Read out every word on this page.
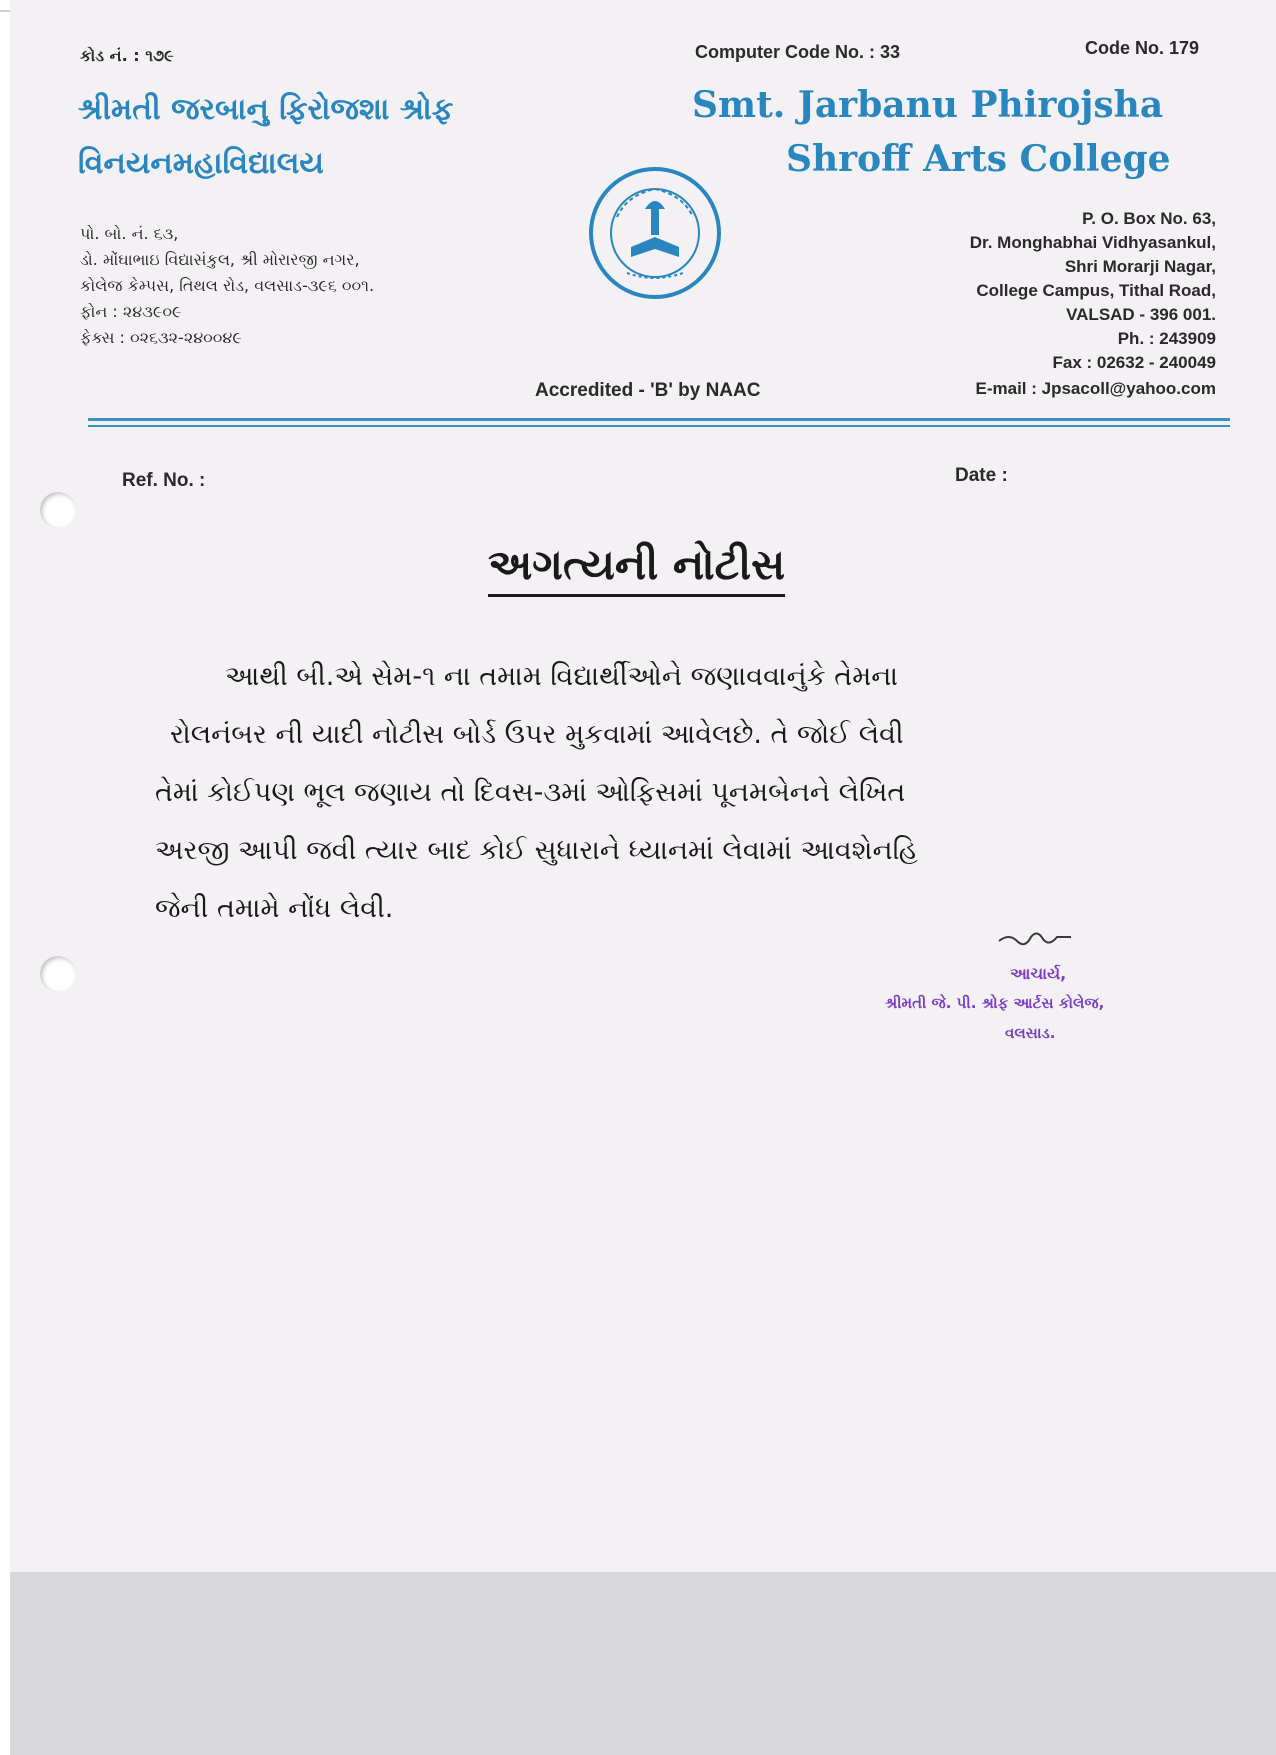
કોડ નં. : ૧૭૯	Computer Code No. : 33	Code No. 179
શ્રીમતી જરબાનુ ફિરોજશા શ્રોફ
વિનયનમહાવિદ્યાલય
Smt. Jarbanu Phirojsha
Shroff Arts College
પો. બો. નં. ૬૩,
ડો. મોંઘાભાઇ વિદ્યાસંકુલ, શ્રી મોરારજી નગર,
કોલેજ કેમ્પસ, તિથલ રોડ, વલસાડ-૩૯૬ ૦૦૧.
ફોન : ૨૪૩૯૦૯
ફેક્સ : ૦૨૬૩૨-૨૪૦૦૪૯
P. O. Box No. 63,
Dr. Monghabhai Vidhyasankul,
Shri Morarji Nagar,
College Campus, Tithal Road,
VALSAD - 396 001.
Ph. : 243909
Fax : 02632 - 240049
E-mail : Jpsacoll@yahoo.com
Accredited - 'B' by NAAC
Ref. No. :	Date :
અગત્યની નોટીસ
આથી બી.એ સેમ-૧ ના તમામ વિદ્યાર્થીઓને જણાવવાનુંકે તેમના
રોલનંબર ની યાદી નોટીસ બોર્ડ ઉપર મુકવામાં આવેલછે. તે જોઈ લેવી
તેમાં કોઈપણ ભૂલ જણાય તો દિવસ-૩માં ઓફિસમાં પૂનમબેનને લેખિત
અરજી આપી જવી ત્યાર બાદ કોઈ સુધારાને ધ્યાનમાં લેવામાં આવશેનહિ
જેની તમામે નોંધ લેવી.
આચાર્ય,
શ્રીમતી જે. પી. શ્રોફ આર્ટસ કોલેજ,
વલસાડ.
